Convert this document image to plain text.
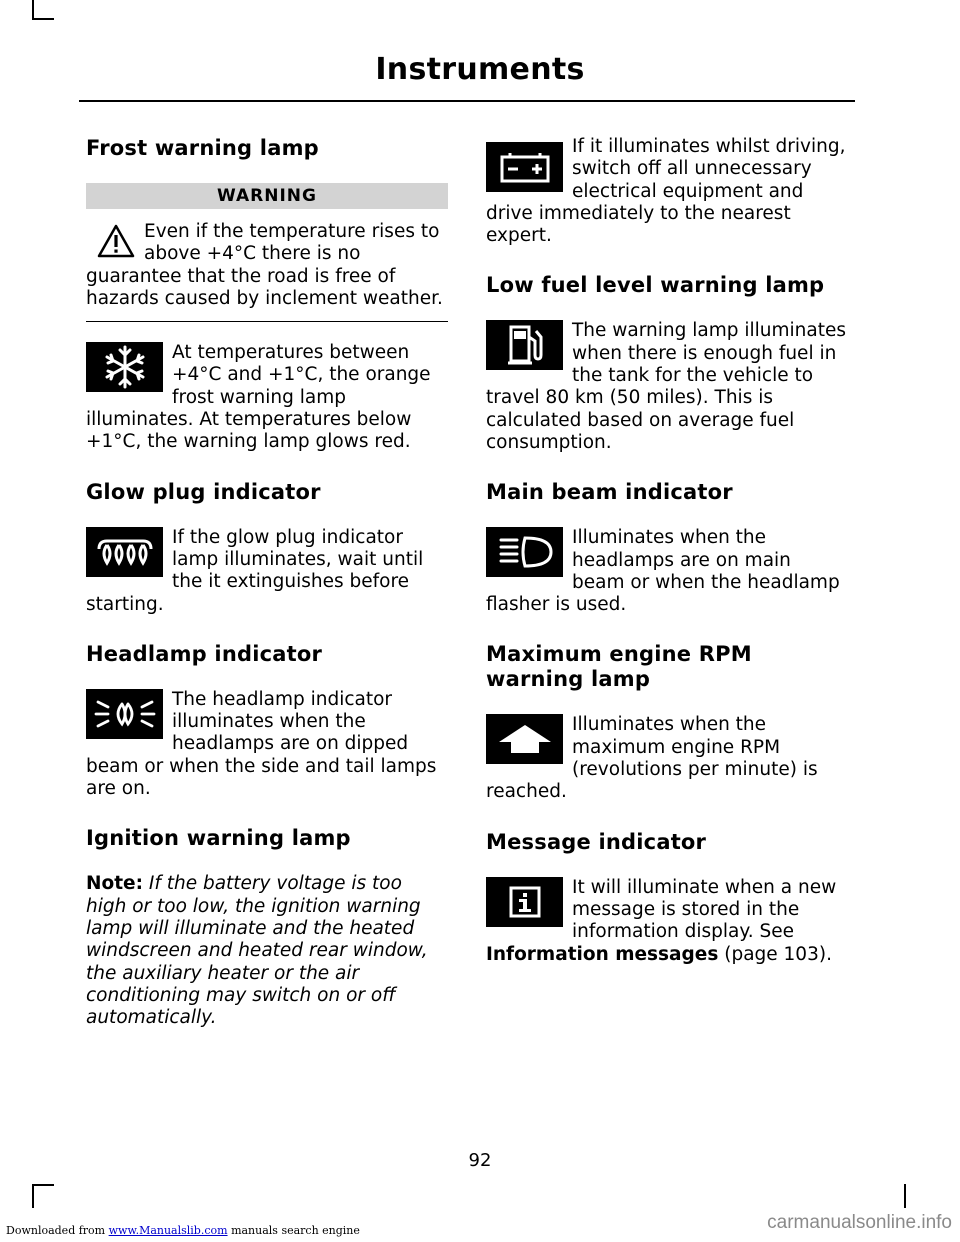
Instruments
Frost warning lamp
WARNING

Even if the temperature rises to above +4°C there is no guarantee that the road is free of hazards caused by inclement weather.

At temperatures between +4°C and +1°C, the orange frost warning lamp illuminates. At temperatures below +1°C, the warning lamp glows red.

Glow plug indicator

If the glow plug indicator lamp illuminates, wait until the it extinguishes before starting.

Headlamp indicator

The headlamp indicator illuminates when the headlamps are on dipped beam or when the side and tail lamps are on.

Ignition warning lamp

Note: If the battery voltage is too high or too low, the ignition warning lamp will illuminate and the heated windscreen and heated rear window, the auxiliary heater or the air conditioning may switch on or off automatically.

If it illuminates whilst driving, switch off all unnecessary electrical equipment and drive immediately to the nearest expert.

Low fuel level warning lamp

The warning lamp illuminates when there is enough fuel in the tank for the vehicle to travel 80 km (50 miles). This is calculated based on average fuel consumption.

Main beam indicator

Illuminates when the headlamps are on main beam or when the headlamp flasher is used.

Maximum engine RPM warning lamp

Illuminates when the maximum engine RPM (revolutions per minute) is reached.

Message indicator

It will illuminate when a new message is stored in the information display. See Information messages (page 103).

92
Downloaded from www.Manualslib.com manuals search engine	carmanualsonline.info
